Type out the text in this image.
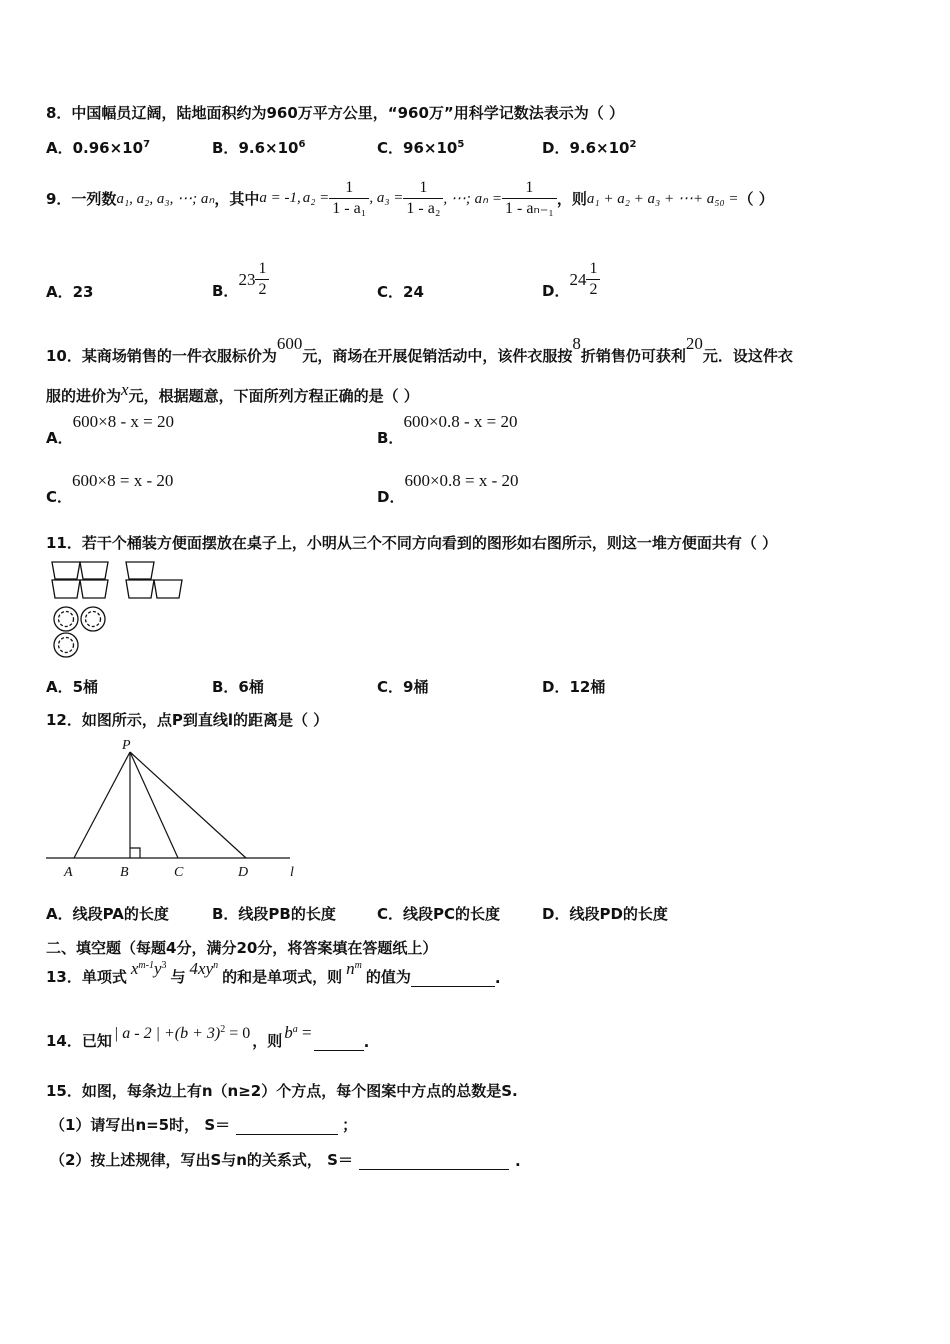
8．中国幅员辽阔，陆地面积约为960万平方公里，“960万”用科学记数法表示为（ ）
A．$0.96\times 10^7$	B．$9.6\times 10^6$	C．$96\times 10^5$	D．$9.6\times 10^2$
9．一列数 a₁, a₂, a₃, ⋯; aₙ ，其中 a = -1, $a_2 = \frac{1}{\text{1 - a₁}}$ , $a_3 = \frac{1}{\text{1 - a₂}}$ , ⋯; $a_n = \frac{1}{\text{1 - aₙ₋₁}}$ ，则 a₁ + a₂ + a₃ + ⋯+ a₅₀ = （ ）
A．23	B．
$23 \frac{1}{2}$	C．24	D．
$24 \frac{1}{2}$
10．某商场销售的一件衣服标价为600元，商场在开展促销活动中，该件衣服按8折销售仍可获利20元．设这件衣
服的进价为x元，根据题意，下面所列方程正确的是（ ）
A．600×8 - x = 20
B．600×0.8 - x = 20
C．600×8 = x - 20
D．600×0.8 = x - 20
11．若干个桶装方便面摆放在桌子上，小明从三个不同方向看到的图形如右图所示，则这一堆方便面共有（ ）
A．5桶	B．6桶	C．9桶	D．12桶
12．如图所示，点P到直线l的距离是（ ）
P
A	B	C	D	l
A．线段PA的长度	B．线段PB的长度	C．线段PC的长度	D．线段PD的长度
二、填空题（每题4分，满分20分，将答案填在答题纸上）
13．单项式 $x^{m-1}y^3$
与 $4xy^n$
的和是单项式，则 $n^m$
的值为	.
14．已知 | a - 2 | $+(b + 3)^2 = 0$ ，则 $b^a$ =	.
15．如图，每条边上有n（n≥2）个方点，每个图案中方点的总数是S.
（1）请写出n=5时， S＝	；
（2）按上述规律，写出S与n的关系式， S＝	.
